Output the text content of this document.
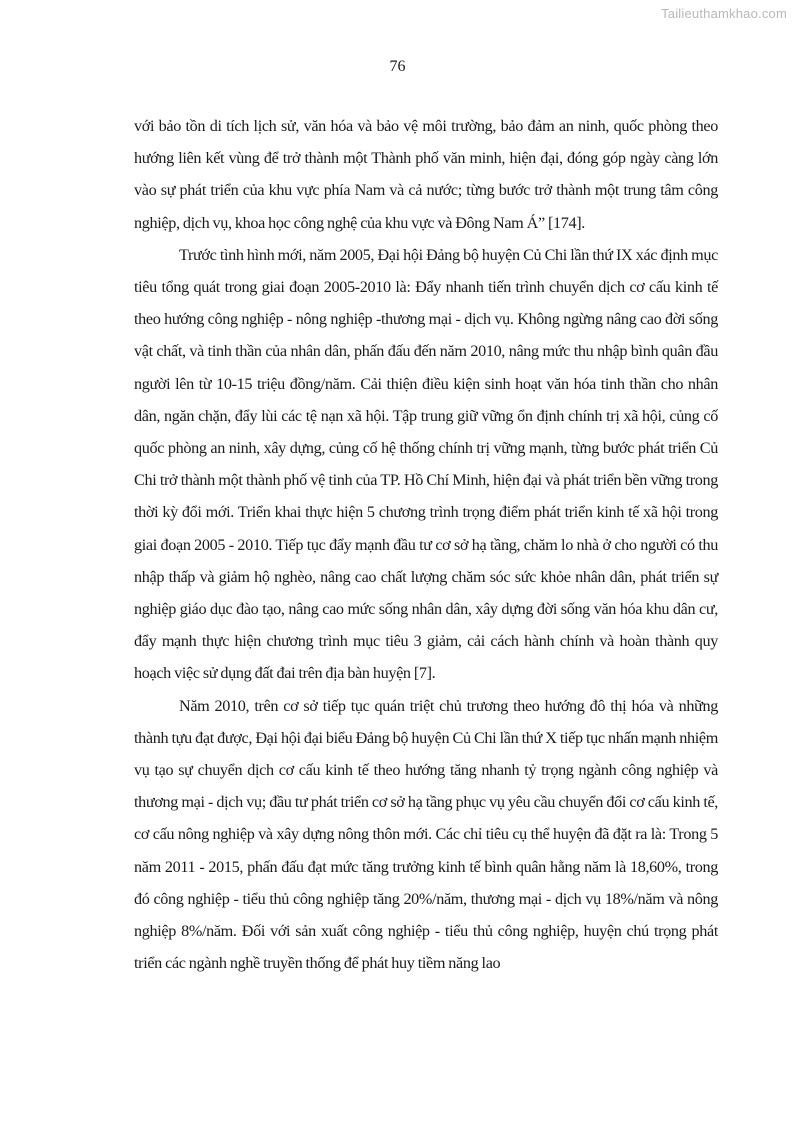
Tailieuthamkhao.com
76

với bảo tồn di tích lịch sử, văn hóa và bảo vệ môi trường, bảo đảm an ninh, quốc phòng theo hướng liên kết vùng để trở thành một Thành phố văn minh, hiện đại, đóng góp ngày càng lớn vào sự phát triển của khu vực phía Nam và cả nước; từng bước trở thành một trung tâm công nghiệp, dịch vụ, khoa học công nghệ của khu vực và Đông Nam Á” [174].

Trước tình hình mới, năm 2005, Đại hội Đảng bộ huyện Củ Chi lần thứ IX xác định mục tiêu tổng quát trong giai đoạn 2005-2010 là: Đẩy nhanh tiến trình chuyển dịch cơ cấu kinh tế theo hướng công nghiệp - nông nghiệp -thương mại - dịch vụ. Không ngừng nâng cao đời sống vật chất, và tinh thần của nhân dân, phấn đấu đến năm 2010, nâng mức thu nhập bình quân đầu người lên từ 10-15 triệu đồng/năm. Cải thiện điều kiện sinh hoạt văn hóa tinh thần cho nhân dân, ngăn chặn, đẩy lùi các tệ nạn xã hội. Tập trung giữ vững ổn định chính trị xã hội, củng cố quốc phòng an ninh, xây dựng, củng cố hệ thống chính trị vững mạnh, từng bước phát triển Củ Chi trở thành một thành phố vệ tinh của TP. Hồ Chí Minh, hiện đại và phát triển bền vững trong thời kỳ đổi mới. Triển khai thực hiện 5 chương trình trọng điểm phát triển kinh tế xã hội trong giai đoạn 2005 - 2010. Tiếp tục đẩy mạnh đầu tư cơ sở hạ tầng, chăm lo nhà ở cho người có thu nhập thấp và giảm hộ nghèo, nâng cao chất lượng chăm sóc sức khỏe nhân dân, phát triển sự nghiệp giáo dục đào tạo, nâng cao mức sống nhân dân, xây dựng đời sống văn hóa khu dân cư, đẩy mạnh thực hiện chương trình mục tiêu 3 giảm, cải cách hành chính và hoàn thành quy hoạch việc sử dụng đất đai trên địa bàn huyện [7].

Năm 2010, trên cơ sở tiếp tục quán triệt chủ trương theo hướng đô thị hóa và những thành tựu đạt được, Đại hội đại biểu Đảng bộ huyện Củ Chi lần thứ X tiếp tục nhấn mạnh nhiệm vụ tạo sự chuyển dịch cơ cấu kinh tế theo hướng tăng nhanh tỷ trọng ngành công nghiệp và thương mại - dịch vụ; đầu tư phát triển cơ sở hạ tầng phục vụ yêu cầu chuyển đổi cơ cấu kinh tế, cơ cấu nông nghiệp và xây dựng nông thôn mới. Các chỉ tiêu cụ thể huyện đã đặt ra là: Trong 5 năm 2011 - 2015, phấn đấu đạt mức tăng trưởng kinh tế bình quân hằng năm là 18,60%, trong đó công nghiệp - tiểu thủ công nghiệp tăng 20%/năm, thương mại - dịch vụ 18%/năm và nông nghiệp 8%/năm. Đối với sản xuất công nghiệp - tiểu thủ công nghiệp, huyện chú trọng phát triển các ngành nghề truyền thống để phát huy tiềm năng lao
